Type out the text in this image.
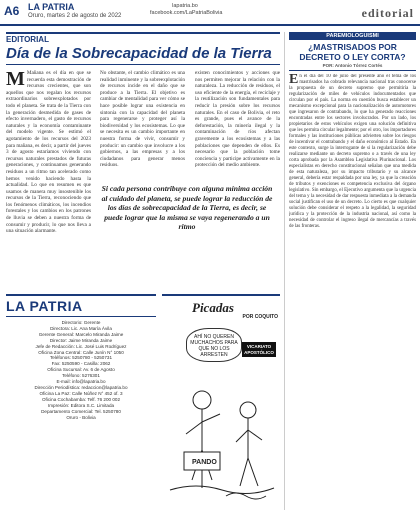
A6 LA PATRIA
Oruro, martes 2 de agosto de 2022
lapatria.bo
facebook.com/LaPatriaBolivia	editorial
EDITORIAL
Día de la Sobrecapacidad de la Tierra
M Mañana es el día en que se recuerda esta demostración de recursos crecientes, que son aquellos que nos regalan los recursos extraordinarios sobreexplotados por todo el planeta. Se trata de la Tierra con la generación desmedida de gases de efecto invernadero, el gasto de recursos naturales y la economía contaminante del modelo vigente. Se estimó el agotamiento de los recursos del 2023 para mañana, es decir, a partir del jueves 3 de agosto estaríamos viviendo con recursos naturales prestados de futuras generaciones, y continuamos generando residuos a un ritmo tan acelerado como hemos venido haciendo hasta la actualidad. Lo que en resumen es que usamos de manera muy insostenible los recursos de la Tierra, reconociendo que los fenómenos climáticos, los incendios forestales y los cambios en los patrones de lluvia se deben a nuestra forma de consumir y producir, lo que nos lleva a una situación alarmante.
No obstante, el cambio climático es una realidad inminente y la sobreexplotación de recursos incide en el daño que se produce a la Tierra. El objetivo es cambiar de mentalidad para ver cómo se hace posible lograr una existencia en sintonía con la capacidad del planeta para regenerarse y proteger así la biodiversidad y los ecosistemas. Lo que se necesita es un cambio importante en nuestra forma de vivir, consumir y producir: un cambio que involucre a los gobiernos, a las empresas y a los ciudadanos para generar menos residuos.
existen conocimientos y acciones que nos permiten mejorar la relación con la naturaleza. La reducción de residuos, el uso eficiente de la energía, el reciclaje y la reutilización son fundamentales para reducir la presión sobre los recursos naturales. En el caso de Bolivia, el reto es grande, pues el avance de la deforestación, la minería ilegal y la contaminación de ríos afectan gravemente a los ecosistemas y a las poblaciones que dependen de ellos. Es necesario que la población tome conciencia y participe activamente en la protección del medio ambiente.
Si cada persona contribuye con alguna mínima acción al cuidado del planeta, se puede lograr la reducción de los días de sobrecapacidad de la Tierra, es decir, se puede lograr que la misma se vaya regenerando a un ritmo
PAREMIOLOGUISMI
¿MASTRISADOS POR DECRETO O LEY CORTA?
POR: Antonio Tórrez Cortés
En el día del 10 de julio del presente año el tema de los mastrisados ha cobrado relevancia nacional tras conocerse la propuesta de un decreto supremo que permitiría la regularización de miles de vehículos indocumentados que circulan por el país. La norma en cuestión busca establecer un mecanismo excepcional para la nacionalización de automotores que ingresaron de contrabando, lo que ha generado reacciones encontradas entre los sectores involucrados. Por un lado, los propietarios de estos vehículos exigen una solución definitiva que les permita circular legalmente; por el otro, los importadores formales y las instituciones públicas advierten sobre los riesgos de incentivar el contrabando y el daño económico al Estado. En este contexto, surge la interrogante de si la regularización debe realizarse mediante un decreto supremo o a través de una ley corta aprobada por la Asamblea Legislativa Plurinacional. Los especialistas en derecho constitucional señalan que una medida de esta naturaleza, por su impacto tributario y su alcance general, debería estar respaldada por una ley, ya que la creación de tributos y exenciones es competencia exclusiva del órgano legislativo. Sin embargo, el Ejecutivo argumenta que la urgencia del tema y la necesidad de dar respuesta inmediata a la demanda social justifican el uso de un decreto. Lo cierto es que cualquier solución debe considerar el respeto a la legalidad, la seguridad jurídica y la protección de la industria nacional, así como la necesidad de controlar el ingreso ilegal de mercancías a través de las fronteras.
LA PATRIA
Directorio: Gerente
Directora: Lic. Ana María Ávila
Gerente General: Marcelo Miranda Jaime
Director: Jaime Miranda Jaime
Jefe de Redacción: Lic. José Luis Rodríguez
Oficina Zona Central: Calle Junín N° 1050
Teléfonos: 5250780 - 5250731
Fax: 5250590 - Casilla: 2062
Oficina Sucursal: Av. 6 de Agosto
Teléfono: 5276301
E-mail: info@lapatria.bo
Dirección Periodística: redaccion@lapatria.bo
Oficina La Paz: Calle Núñez N° 452 of. 3
Oficina Cochabamba: Telf. 76 200 002
Impresión: Editora S.C. Limitada
Departamento Comercial: Tel. 5250780
Oruro - Bolivia
Picadas
POR COQUITO
AHÍ NO QUEREN MUCHACHOS PARA QUE NO LOS ARRESTEN
VICARIATO APOSTÓLICO
PANDO
